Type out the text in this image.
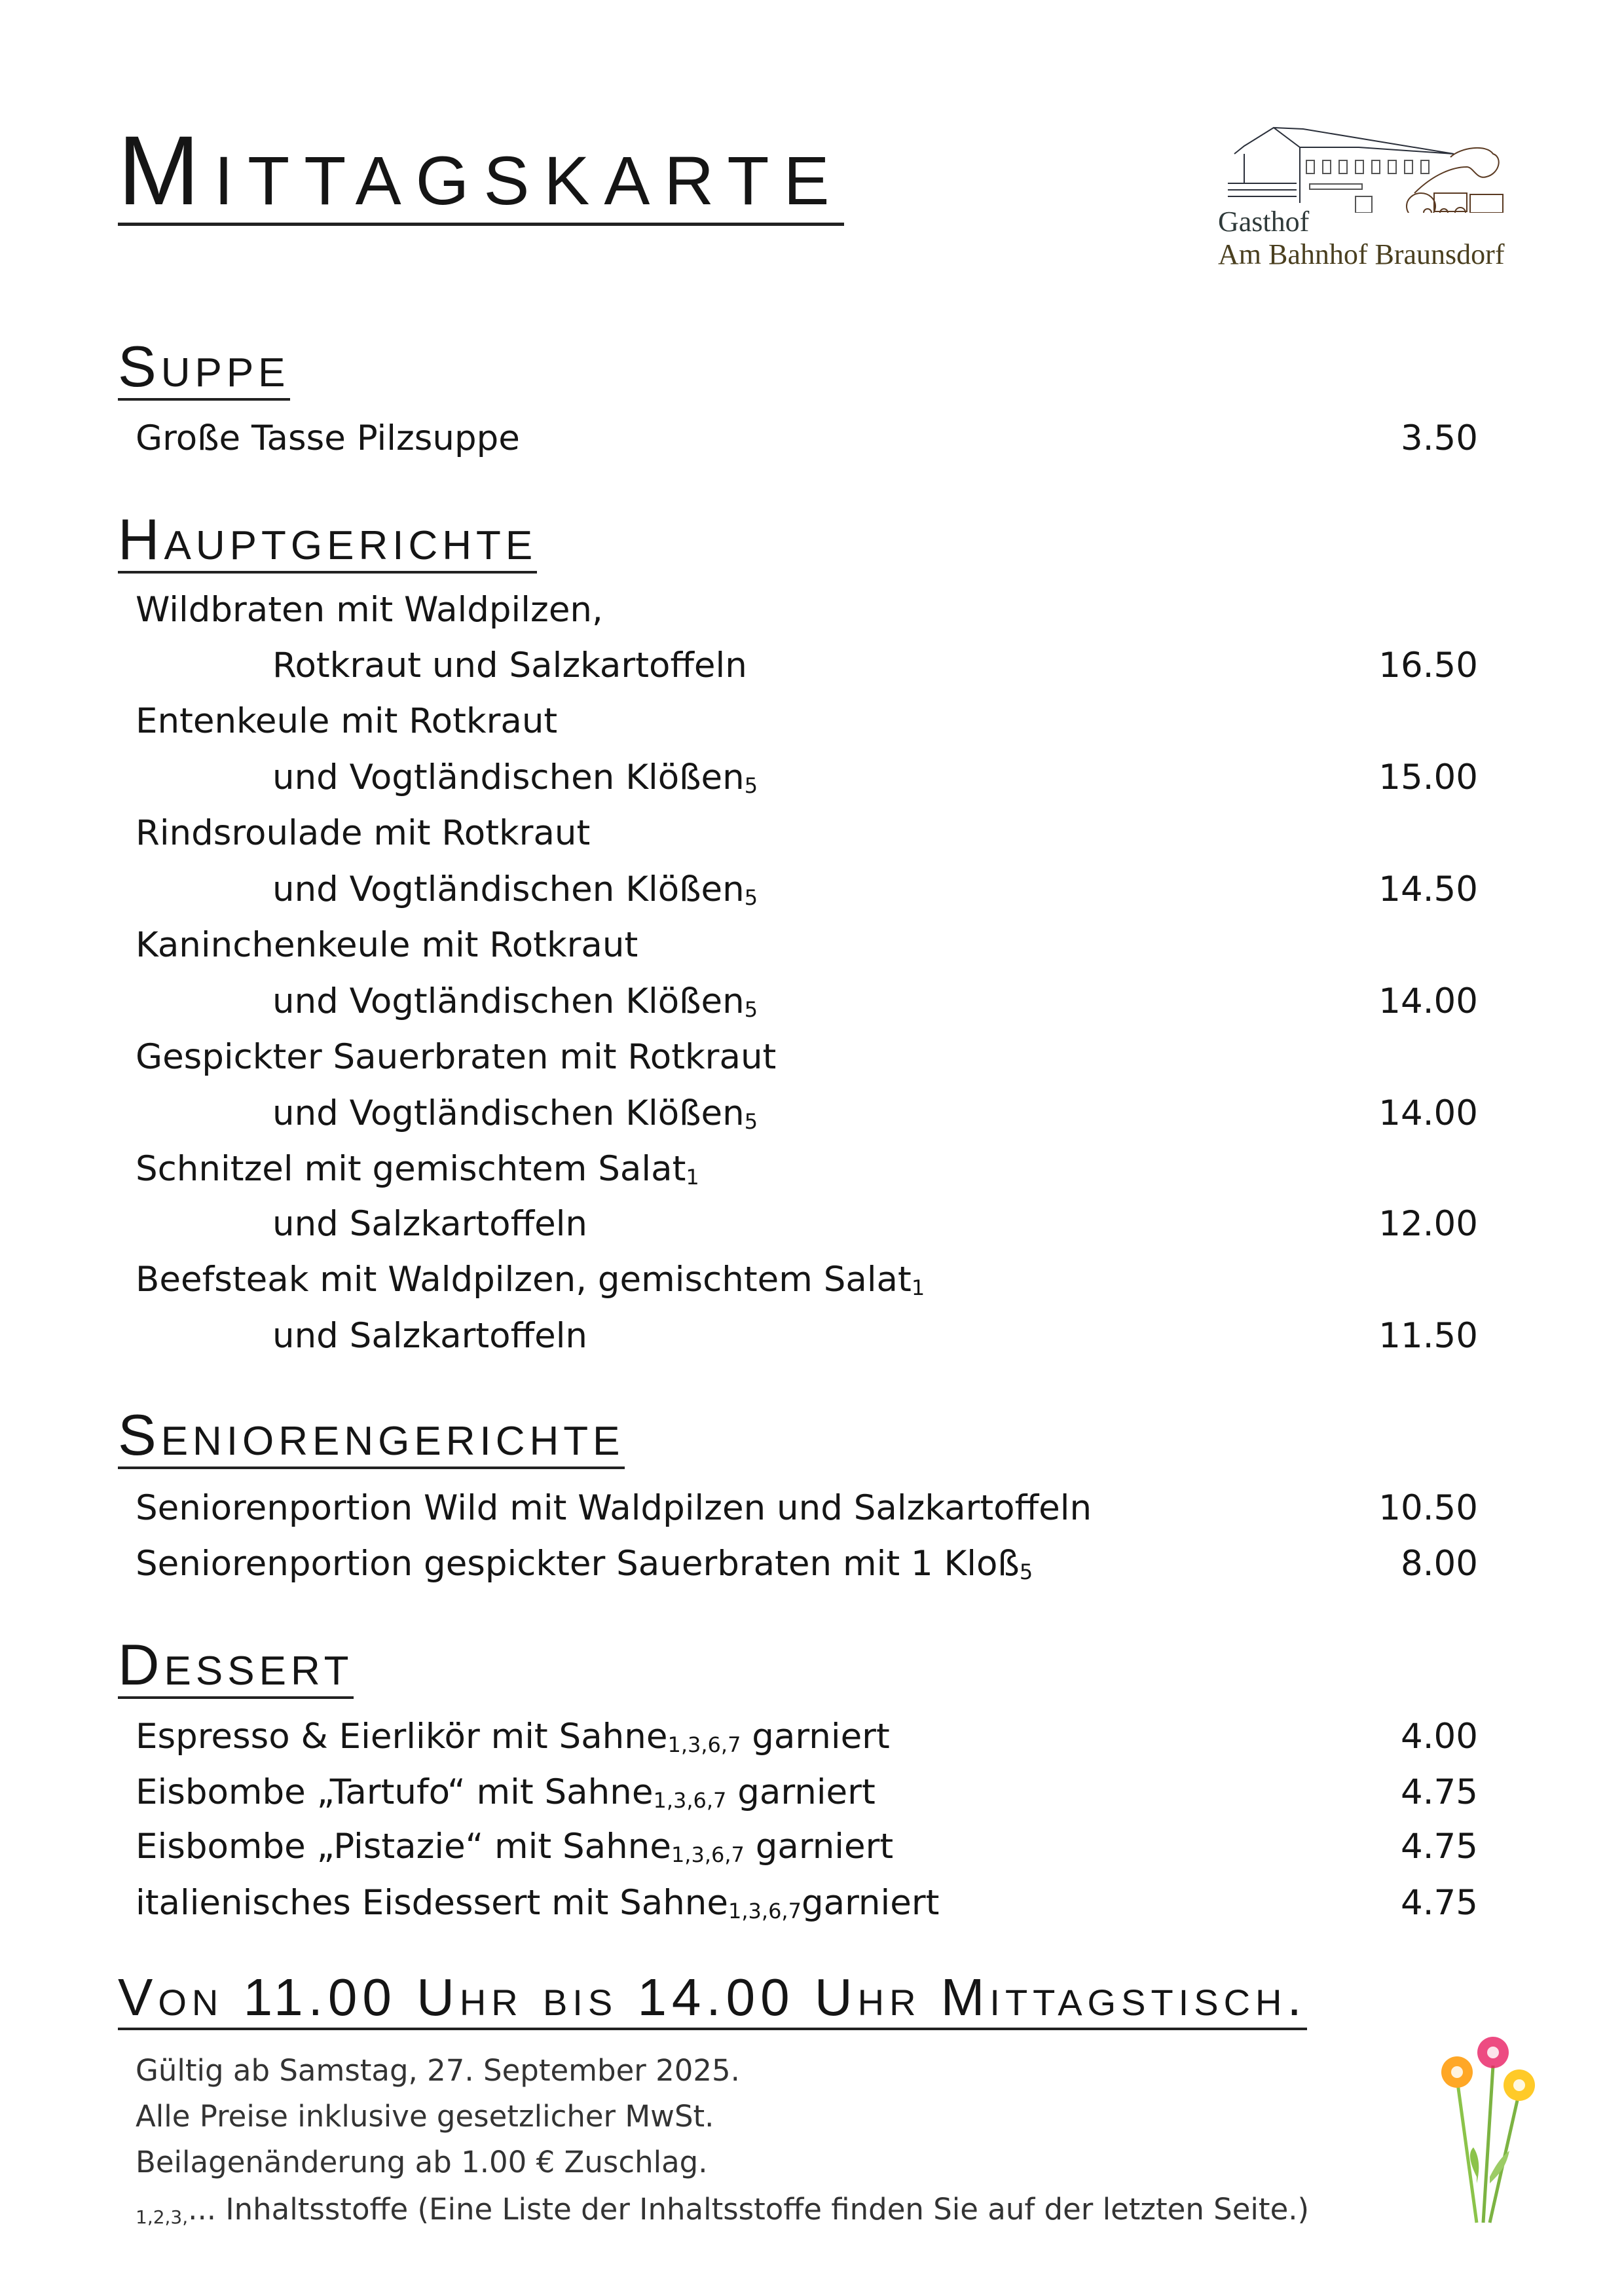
Mittagskarte	Gasthof
Am Bahnhof Braunsdorf
Suppe
Große Tasse Pilzsuppe	3.50
Hauptgerichte
Wildbraten mit Waldpilzen,
Rotkraut und Salzkartoffeln	16.50
Entenkeule mit Rotkraut
und Vogtländischen Klößen$_5$	15.00
Rindsroulade mit Rotkraut
und Vogtländischen Klößen$_5$	14.50
Kaninchenkeule mit Rotkraut
und Vogtländischen Klößen$_5$	14.00
Gespickter Sauerbraten mit Rotkraut
und Vogtländischen Klößen$_5$	14.00
Schnitzel mit gemischtem Salat$_1$
und Salzkartoffeln	12.00
Beefsteak mit Waldpilzen, gemischtem Salat$_1$
und Salzkartoffeln	11.50
Seniorengerichte
Seniorenportion Wild mit Waldpilzen und Salzkartoffeln	10.50
Seniorenportion gespickter Sauerbraten mit 1 Kloß$_5$	8.00
Dessert
Espresso & Eierlikör mit Sahne$_{1,3,6,7}$ garniert	4.00
Eisbombe „Tartufo“ mit Sahne$_{1,3,6,7}$ garniert	4.75
Eisbombe „Pistazie“ mit Sahne$_{1,3,6,7}$ garniert	4.75
italienisches Eisdessert mit Sahne$_{1,3,6,7}$garniert	4.75
Von 11.00 Uhr bis 14.00 Uhr Mittagstisch.
Gültig ab Samstag, 27. September 2025.
Alle Preise inklusive gesetzlicher MwSt.
Beilagenänderung ab 1.00 € Zuschlag.
$_{1,2,3,}$... Inhaltsstoffe (Eine Liste der Inhaltsstoffe finden Sie auf der letzten Seite.)
